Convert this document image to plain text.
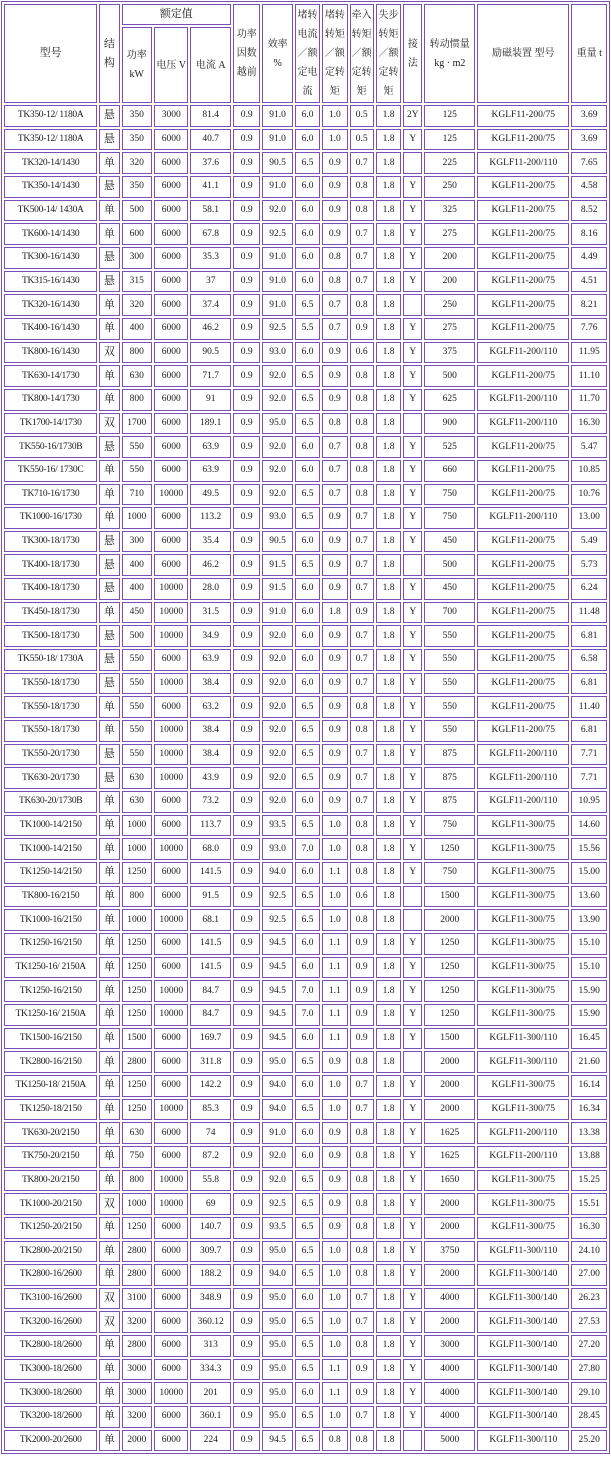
型号	结构	额定值			功率因数越前	效率 %	堵转电流／额定电流	堵转转矩／额定转矩	牵入转矩／额定转矩	失步转矩／额定转矩	接法	转动惯量 kg · m2	励磁装置 型号	重量 t
		功率 kW	电压 V	电流 A										
TK350-12/ 1180A	悬	350	3000	81.4	0.9	91.0	6.0	1.0	0.5	1.8	2Y	125	KGLF11-200/75	3.69
TK350-12/ 1180A	悬	350	6000	40.7	0.9	91.0	6.0	1.0	0.5	1.8	Y	125	KGLF11-200/75	3.69
TK320-14/1430	单	320	6000	37.6	0.9	90.5	6.5	0.9	0.7	1.8		225	KGLF11-200/110	7.65
TK350-14/1430	悬	350	6000	41.1	0.9	91.0	6.0	0.9	0.8	1.8	Y	250	KGLF11-200/75	4.58
TK500-14/ 1430A	单	500	6000	58.1	0.9	92.0	6.0	0.9	0.8	1.8	Y	325	KGLF11-200/75	8.52
TK600-14/1430	单	600	6000	67.8	0.9	92.5	6.0	0.9	0.7	1.8	Y	275	KGLF11-200/75	8.16
TK300-16/1430	悬	300	6000	35.3	0.9	91.0	6.0	0.8	0.7	1.8	Y	200	KGLF11-200/75	4.49
TK315-16/1430	悬	315	6000	37	0.9	91.0	6.0	0.8	0.7	1.8	Y	200	KGLF11-200/75	4.51
TK320-16/1430	单	320	6000	37.4	0.9	91.0	6.5	0.7	0.8	1.8		250	KGLF11-200/75	8.21
TK400-16/1430	单	400	6000	46.2	0.9	92.5	5.5	0.7	0.9	1.8	Y	275	KGLF11-200/75	7.76
TK800-16/1430	双	800	6000	90.5	0.9	93.0	6.0	0.9	0.6	1.8	Y	375	KGLF11-200/110	11.95
TK630-14/1730	单	630	6000	71.7	0.9	92.0	6.5	0.9	0.8	1.8	Y	500	KGLF11-200/75	11.10
TK800-14/1730	单	800	6000	91	0.9	92.0	6.5	0.9	0.8	1.8	Y	625	KGLF11-200/110	11.70
TK1700-14/1730	双	1700	6000	189.1	0.9	95.0	6.5	0.8	0.8	1.8		900	KGLF11-200/110	16.30
TK550-16/1730B	悬	550	6000	63.9	0.9	92.0	6.0	0.7	0.8	1.8	Y	525	KGLF11-200/75	5.47
TK550-16/ 1730C	单	550	6000	63.9	0.9	92.0	6.0	0.7	0.8	1.8	Y	660	KGLF11-200/75	10.85
TK710-16/1730	单	710	10000	49.5	0.9	92.0	6.5	0.7	0.8	1.8	Y	750	KGLF11-200/75	10.76
TK1000-16/1730	单	1000	6000	113.2	0.9	93.0	6.5	0.9	0.7	1.8	Y	750	KGLF11-200/110	13.00
TK300-18/1730	悬	300	6000	35.4	0.9	90.5	6.0	0.9	0.7	1.8	Y	450	KGLF11-200/75	5.49
TK400-18/1730	悬	400	6000	46.2	0.9	91.5	6.5	0.9	0.7	1.8		500	KGLF11-200/75	5.73
TK400-18/1730	悬	400	10000	28.0	0.9	91.5	6.0	0.9	0.7	1.8	Y	450	KGLF11-200/75	6.24
TK450-18/1730	单	450	10000	31.5	0.9	91.0	6.0	1.8	0.9	1.8	Y	700	KGLF11-200/75	11.48
TK500-18/1730	悬	500	10000	34.9	0.9	92.0	6.0	0.9	0.7	1.8	Y	550	KGLF11-200/75	6.81
TK550-18/ 1730A	悬	550	6000	63.9	0.9	92.0	6.0	0.9	0.7	1.8	Y	550	KGLF11-200/75	6.58
TK550-18/1730	悬	550	10000	38.4	0.9	92.0	6.0	0.9	0.7	1.8	Y	550	KGLF11-200/75	6.81
TK550-18/1730	单	550	6000	63.2	0.9	92.0	6.5	0.9	0.8	1.8	Y	550	KGLF11-200/75	11.40
TK550-18/1730	单	550	10000	38.4	0.9	92.0	6.5	0.9	0.8	1.8	Y	550	KGLF11-200/75	6.81
TK550-20/1730	悬	550	10000	38.4	0.9	92.0	6.5	0.9	0.7	1.8	Y	875	KGLF11-200/110	7.71
TK630-20/1730	悬	630	10000	43.9	0.9	92.0	6.5	0.9	0.7	1.8	Y	875	KGLF11-200/110	7.71
TK630-20/1730B	单	630	6000	73.2	0.9	92.0	6.0	0.9	0.7	1.8	Y	875	KGLF11-200/110	10.95
TK1000-14/2150	单	1000	6000	113.7	0.9	93.5	6.5	1.0	0.8	1.8	Y	750	KGLF11-300/75	14.60
TK1000-14/2150	单	1000	10000	68.0	0.9	93.0	7.0	1.0	0.8	1.8	Y	1250	KGLF11-300/75	15.56
TK1250-14/2150	单	1250	6000	141.5	0.9	94.0	6.0	1.1	0.8	1.8	Y	750	KGLF11-300/75	15.00
TK800-16/2150	单	800	6000	91.5	0.9	92.5	6.5	1.0	0.6	1.8		1500	KGLF11-300/75	13.60
TK1000-16/2150	单	1000	10000	68.1	0.9	92.5	6.5	1.0	0.8	1.8		2000	KGLF11-300/75	13.90
TK1250-16/2150	单	1250	6000	141.5	0.9	94.5	6.0	1.1	0.9	1.8	Y	1250	KGLF11-300/75	15.10
TK1250-16/ 2150A	单	1250	6000	141.5	0.9	94.5	6.0	1.1	0.9	1.8	Y	1250	KGLF11-300/75	15.10
TK1250-16/2150	单	1250	10000	84.7	0.9	94.5	7.0	1.1	0.9	1.8	Y	1250	KGLF11-300/75	15.90
TK1250-16/ 2150A	单	1250	10000	84.7	0.9	94.5	7.0	1.1	0.9	1.8	Y	1250	KGLF11-300/75	15.90
TK1500-16/2150	单	1500	6000	169.7	0.9	94.5	6.0	1.1	0.9	1.8	Y	1500	KGLF11-300/110	16.45
TK2800-16/2150	单	2800	6000	311.8	0.9	95.0	6.5	0.9	0.8	1.8		2000	KGLF11-300/110	21.60
TK1250-18/ 2150A	单	1250	6000	142.2	0.9	94.0	6.0	1.0	0.7	1.8	Y	2000	KGLF11-300/75	16.14
TK1250-18/2150	单	1250	10000	85.3	0.9	94.0	6.5	1.0	0.7	1.8	Y	2000	KGLF11-300/75	16.34
TK630-20/2150	单	630	6000	74	0.9	91.0	6.0	0.9	0.8	1.8	Y	1625	KGLF11-200/110	13.38
TK750-20/2150	单	750	6000	87.2	0.9	92.0	6.0	0.9	0.8	1.8	Y	1625	KGLF11-200/110	13.88
TK800-20/2150	单	800	10000	55.8	0.9	92.0	6.5	0.9	0.8	1.8	Y	1650	KGLF11-300/75	15.25
TK1000-20/2150	双	1000	10000	69	0.9	92.5	6.5	0.9	0.8	1.8	Y	2000	KGLF11-300/75	15.51
TK1250-20/2150	单	1250	6000	140.7	0.9	93.5	6.5	0.9	0.8	1.8	Y	2000	KGLF11-300/75	16.30
TK2800-20/2150	单	2800	6000	309.7	0.9	95.0	6.5	1.0	0.8	1.8	Y	3750	KGLF11-300/110	24.10
TK2800-16/2600	单	2800	6000	188.2	0.9	94.0	6.5	1.0	0.8	1.8	Y	2000	KGLF11-300/140	27.00
TK3100-16/2600	双	3100	6000	348.9	0.9	95.0	6.0	1.0	0.7	1.8	Y	4000	KGLF11-300/140	26.23
TK3200-16/2600	双	3200	6000	360.12	0.9	95.0	6.5	1.0	0.7	1.8	Y	2000	KGLF11-300/140	27.53
TK2800-18/2600	单	2800	6000	313	0.9	95.0	6.5	1.0	0.8	1.8	Y	3000	KGLF11-300/140	27.20
TK3000-18/2600	单	3000	6000	334.3	0.9	95.0	6.5	1.1	0.9	1.8	Y	4000	KGLF11-300/140	27.80
TK3000-18/2600	单	3000	10000	201	0.9	95.0	6.0	1.1	0.9	1.8	Y	4000	KGLF11-300/140	29.10
TK3200-18/2600	单	3200	6000	360.1	0.9	95.0	6.5	1.0	0.7	1.8	Y	4000	KGLF11-300/140	28.45
TK2000-20/2600	单	2000	6000	224	0.9	94.5	6.5	0.8	0.8	1.8		5000	KGLF11-300/110	25.20
